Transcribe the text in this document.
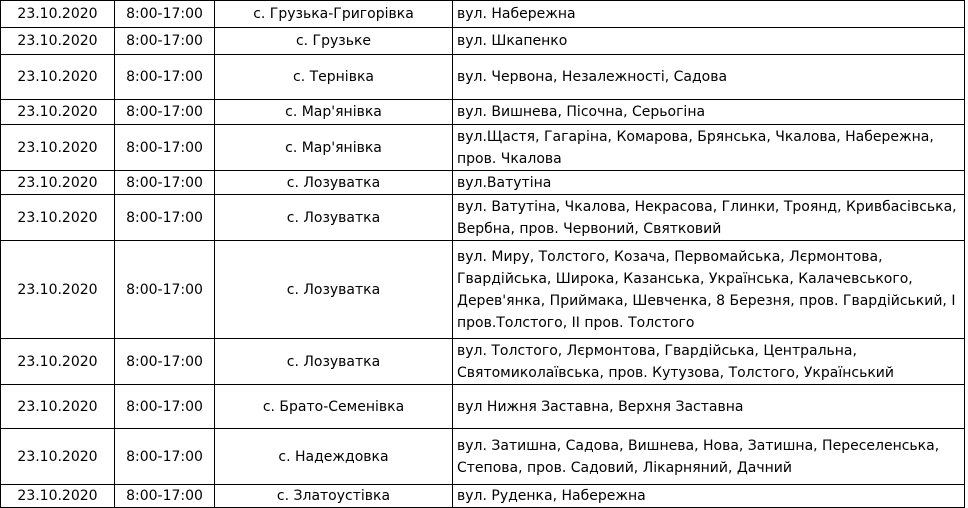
23.10.2020	8:00-17:00	с. Грузька-Григорівка	вул. Набережна
23.10.2020	8:00-17:00	с. Грузьке	вул. Шкапенко
23.10.2020	8:00-17:00	с. Тернівка	вул. Червона, Незалежності, Садова
23.10.2020	8:00-17:00	с. Мар'янівка	вул. Вишнева, Пісочна, Серьогіна
23.10.2020	8:00-17:00	с. Мар'янівка	вул.Щастя, Гагаріна, Комарова, Брянська, Чкалова, Набережна, пров. Чкалова
23.10.2020	8:00-17:00	с. Лозуватка	вул.Ватутіна
23.10.2020	8:00-17:00	с. Лозуватка	вул. Ватутіна, Чкалова, Некрасова, Глинки, Троянд, Кривбасівська, Вербна, пров. Червоний, Святковий
23.10.2020	8:00-17:00	с. Лозуватка	вул. Миру, Толстого, Козача, Первомайська, Лєрмонтова, Гвардійська, Широка, Казанська, Українська, Калачевського, Дерев'янка, Приймака, Шевченка, 8 Березня, пров. Гвардійський, І пров.Толстого, ІІ пров. Толстого
23.10.2020	8:00-17:00	с. Лозуватка	вул. Толстого, Лєрмонтова, Гвардійська, Центральна, Святомиколаївська, пров. Кутузова, Толстого, Український
23.10.2020	8:00-17:00	с. Брато-Семенівка	вул Нижня Заставна, Верхня Заставна
23.10.2020	8:00-17:00	с. Надеждовка	вул. Затишна, Садова, Вишнева, Нова, Затишна, Переселенська, Степова, пров. Садовий, Лікарняний, Дачний
23.10.2020	8:00-17:00	с. Златоустівка	вул. Руденка, Набережна
